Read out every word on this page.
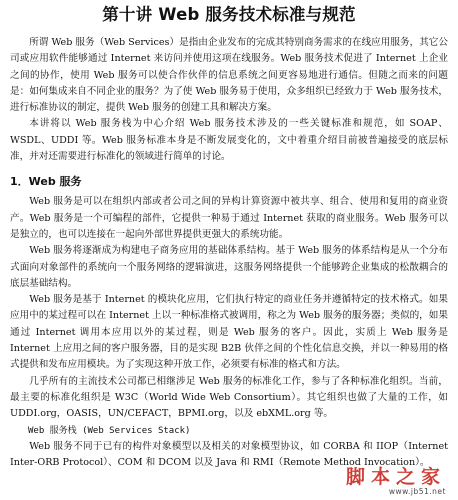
第十讲 Web 服务技术标准与规范

所谓 Web 服务（Web Services）是指由企业发布的完成其特别商务需求的在线应用服务，其它公司或应用软件能够通过 Internet 来访问并使用这项在线服务。Web 服务技术促进了 Internet 上企业之间的协作，使用 Web 服务可以使合作伙伴的信息系统之间更容易地进行通信。但随之而来的问题是：如何集成来自不同企业的服务？为了使 Web 服务易于使用，众多组织已经致力于 Web 服务技术，进行标准协议的制定，提供 Web 服务的创建工具和解决方案。

本讲将以 Web 服务栈为中心介绍 Web 服务技术涉及的一些关键标准和规范，如 SOAP、WSDL、UDDI 等。Web 服务标准本身是不断发展变化的，文中着重介绍目前被普遍接受的底层标准，并对还需要进行标准化的领域进行简单的讨论。

1．Web 服务

Web 服务是可以在组织内部或者公司之间的异构计算资源中被共享、组合、使用和复用的商业资产。Web 服务是一个可编程的部件，它提供一种易于通过 Internet 获取的商业服务。Web 服务可以是独立的，也可以连接在一起向外部世界提供更强大的系统功能。

Web 服务将逐渐成为构建电子商务应用的基础体系结构。基于 Web 服务的体系结构是从一个分布式面向对象部件的系统向一个服务网络的逻辑演进，这服务网络提供一个能够跨企业集成的松散耦合的底层基础结构。

Web 服务是基于 Internet 的模块化应用，它们执行特定的商业任务并遵循特定的技术格式。如果应用中的某过程可以在 Internet 上以一种标准格式被调用，称之为 Web 服务的服务器；类似的，如果通过 Internet 调用本应用以外的某过程，则是 Web 服务的客户。因此，实质上 Web 服务是 Internet 上应用之间的客户服务器，目的是实现 B2B 伙伴之间的个性化信息交换，并以一种易用的格式提供和发布应用模块。为了实现这种开放工作，必须要有标准的格式和方法。

几乎所有的主流技术公司都已相继涉足 Web 服务的标准化工作，参与了各种标准化组织。当前，最主要的标准化组织是 W3C（World Wide Web Consortium）。其它组织也做了大量的工作，如 UDDI.org，OASIS，UN/CEFACT，BPMI.org，以及 ebXML.org 等。

Web 服务栈 (Web Services Stack)

Web 服务不同于已有的构件对象模型以及相关的对象模型协议，如 CORBA 和 IIOP（Internet Inter-ORB Protocol）、COM 和 DCOM 以及 Java 和 RMI（Remote Method Invocation）。

脚本之家
www.jb51.net
